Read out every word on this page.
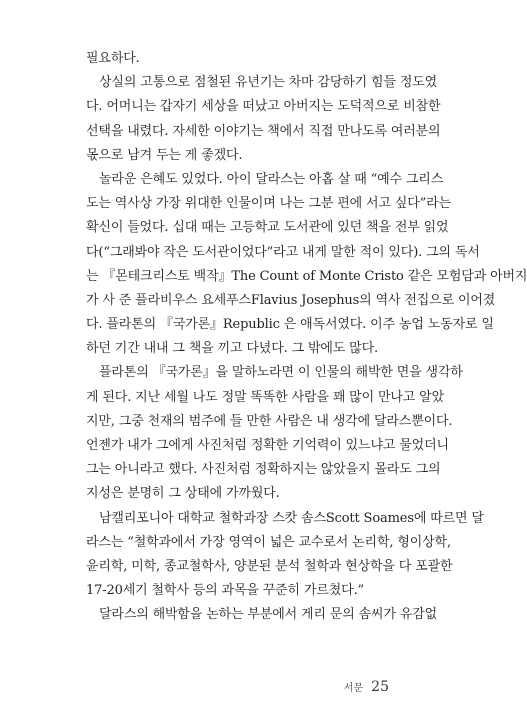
필요하다.
상실의 고통으로 점철된 유년기는 차마 감당하기 힘들 정도였
다. 어머니는 갑자기 세상을 떠났고 아버지는 도덕적으로 비참한
선택을 내렸다. 자세한 이야기는 책에서 직접 만나도록 여러분의
몫으로 남겨 두는 게 좋겠다.
놀라운 은혜도 있었다. 아이 달라스는 아홉 살 때 “예수 그리스
도는 역사상 가장 위대한 인물이며 나는 그분 편에 서고 싶다”라는
확신이 들었다. 십대 때는 고등학교 도서관에 있던 책을 전부 읽었
다(“그래봐야 작은 도서관이었다”라고 내게 말한 적이 있다). 그의 독서
는 『몬테크리스토 백작』The Count of Monte Cristo 같은 모험담과 아버지
가 사 준 플라비우스 요세푸스Flavius Josephus의 역사 전집으로 이어졌
다. 플라톤의 『국가론』Republic 은 애독서였다. 이주 농업 노동자로 일
하던 기간 내내 그 책을 끼고 다녔다. 그 밖에도 많다.
플라톤의 『국가론』을 말하노라면 이 인물의 해박한 면을 생각하
게 된다. 지난 세월 나도 정말 똑똑한 사람을 꽤 많이 만나고 알았
지만, 그중 천재의 범주에 들 만한 사람은 내 생각에 달라스뿐이다.
언젠가 내가 그에게 사진처럼 정확한 기억력이 있느냐고 물었더니
그는 아니라고 했다. 사진처럼 정확하지는 않았을지 몰라도 그의
지성은 분명히 그 상태에 가까웠다.
남캘리포니아 대학교 철학과장 스캇 솜스Scott Soames에 따르면 달
라스는 “철학과에서 가장 영역이 넓은 교수로서 논리학, 형이상학,
윤리학, 미학, 종교철학사, 양분된 분석 철학과 현상학을 다 포괄한
17-20세기 철학사 등의 과목을 꾸준히 가르쳤다.”
달라스의 해박함을 논하는 부분에서 게리 문의 솜씨가 유감없
서문 25
